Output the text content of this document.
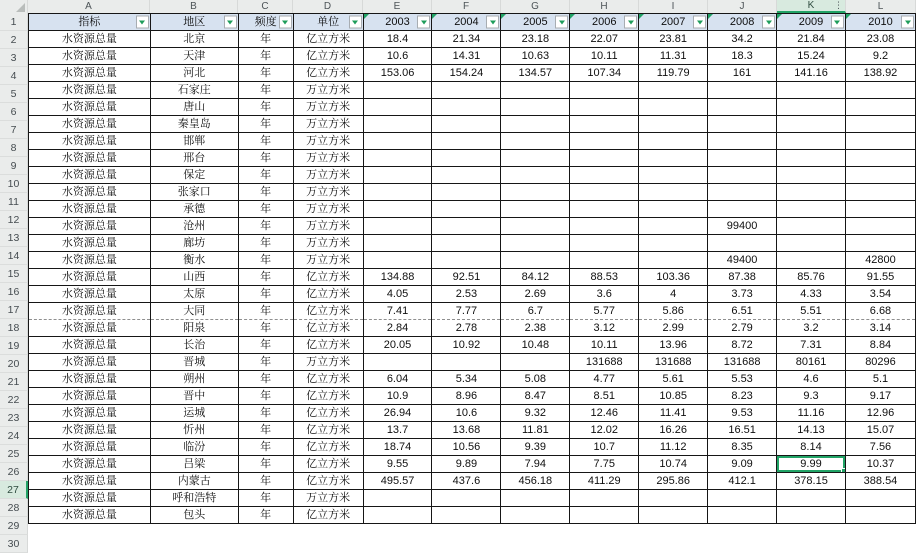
A	B	C	D	E	F	G	H	I	J	K ⋮	L
1
2
3
4
5
6
7
8
9
10
11
12
13
14
15
16
17
18
19
20
21
22
23
24
25
26
27
28
29
30
指标	地区	频度	单位	2003	2004	2005	2006	2007	2008	2009	2010

水资源总量	北京	年	亿立方米	18.4	21.34	23.18	22.07	23.81	34.2	21.84	23.08
水资源总量	天津	年	亿立方米	10.6	14.31	10.63	10.11	11.31	18.3	15.24	9.2
水资源总量	河北	年	亿立方米	153.06	154.24	134.57	107.34	119.79	161	141.16	138.92
水资源总量	石家庄	年	万立方米								
水资源总量	唐山	年	万立方米								
水资源总量	秦皇岛	年	万立方米								
水资源总量	邯郸	年	万立方米								
水资源总量	邢台	年	万立方米								
水资源总量	保定	年	万立方米								
水资源总量	张家口	年	万立方米								
水资源总量	承德	年	万立方米								
水资源总量	沧州	年	万立方米						99400		
水资源总量	廊坊	年	万立方米								
水资源总量	衡水	年	万立方米						49400		42800
水资源总量	山西	年	亿立方米	134.88	92.51	84.12	88.53	103.36	87.38	85.76	91.55
水资源总量	太原	年	亿立方米	4.05	2.53	2.69	3.6	4	3.73	4.33	3.54
水资源总量	大同	年	亿立方米	7.41	7.77	6.7	5.77	5.86	6.51	5.51	6.68
水资源总量	阳泉	年	亿立方米	2.84	2.78	2.38	3.12	2.99	2.79	3.2	3.14
水资源总量	长治	年	亿立方米	20.05	10.92	10.48	10.11	13.96	8.72	7.31	8.84
水资源总量	晋城	年	万立方米				131688	131688	131688	80161	80296
水资源总量	朔州	年	亿立方米	6.04	5.34	5.08	4.77	5.61	5.53	4.6	5.1
水资源总量	晋中	年	亿立方米	10.9	8.96	8.47	8.51	10.85	8.23	9.3	9.17
水资源总量	运城	年	亿立方米	26.94	10.6	9.32	12.46	11.41	9.53	11.16	12.96
水资源总量	忻州	年	亿立方米	13.7	13.68	11.81	12.02	16.26	16.51	14.13	15.07
水资源总量	临汾	年	亿立方米	18.74	10.56	9.39	10.7	11.12	8.35	8.14	7.56
水资源总量	吕梁	年	亿立方米	9.55	9.89	7.94	7.75	10.74	9.09	9.99	10.37
水资源总量	内蒙古	年	亿立方米	495.57	437.6	456.18	411.29	295.86	412.1	378.15	388.54
水资源总量	呼和浩特	年	万立方米								
水资源总量	包头	年	亿立方米								
